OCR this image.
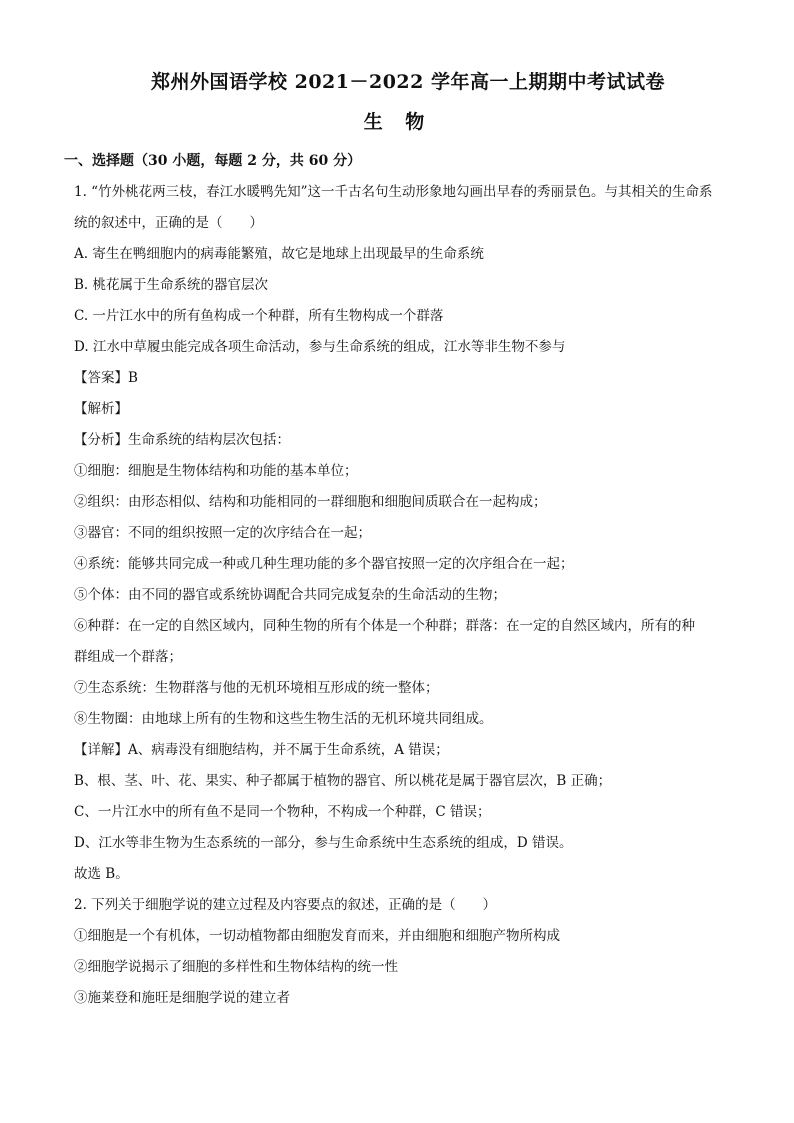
郑州外国语学校 2021－2022 学年高一上期期中考试试卷
生 物
一、选择题（30 小题，每题 2 分，共 60 分）
1. “竹外桃花两三枝，春江水暖鸭先知”这一千古名句生动形象地勾画出早春的秀丽景色。与其相关的生命系
统的叙述中，正确的是（　　）
A. 寄生在鸭细胞内的病毒能繁殖，故它是地球上出现最早的生命系统
B. 桃花属于生命系统的器官层次
C. 一片江水中的所有鱼构成一个种群，所有生物构成一个群落
D. 江水中草履虫能完成各项生命活动，参与生命系统的组成，江水等非生物不参与
【答案】B
【解析】
【分析】生命系统的结构层次包括：
①细胞：细胞是生物体结构和功能的基本单位；
②组织：由形态相似、结构和功能相同的一群细胞和细胞间质联合在一起构成；
③器官：不同的组织按照一定的次序结合在一起；
④系统：能够共同完成一种或几种生理功能的多个器官按照一定的次序组合在一起；
⑤个体：由不同的器官或系统协调配合共同完成复杂的生命活动的生物；
⑥种群：在一定的自然区域内，同种生物的所有个体是一个种群；群落：在一定的自然区域内，所有的种
群组成一个群落；
⑦生态系统：生物群落与他的无机环境相互形成的统一整体；
⑧生物圈：由地球上所有的生物和这些生物生活的无机环境共同组成。
【详解】A、病毒没有细胞结构，并不属于生命系统，A 错误；
B、根、茎、叶、花、果实、种子都属于植物的器官、所以桃花是属于器官层次，B 正确；
C、一片江水中的所有鱼不是同一个物种，不构成一个种群，C 错误；
D、江水等非生物为生态系统的一部分，参与生命系统中生态系统的组成，D 错误。
故选 B。
2. 下列关于细胞学说的建立过程及内容要点的叙述，正确的是（　　）
①细胞是一个有机体，一切动植物都由细胞发育而来，并由细胞和细胞产物所构成
②细胞学说揭示了细胞的多样性和生物体结构的统一性
③施莱登和施旺是细胞学说的建立者
